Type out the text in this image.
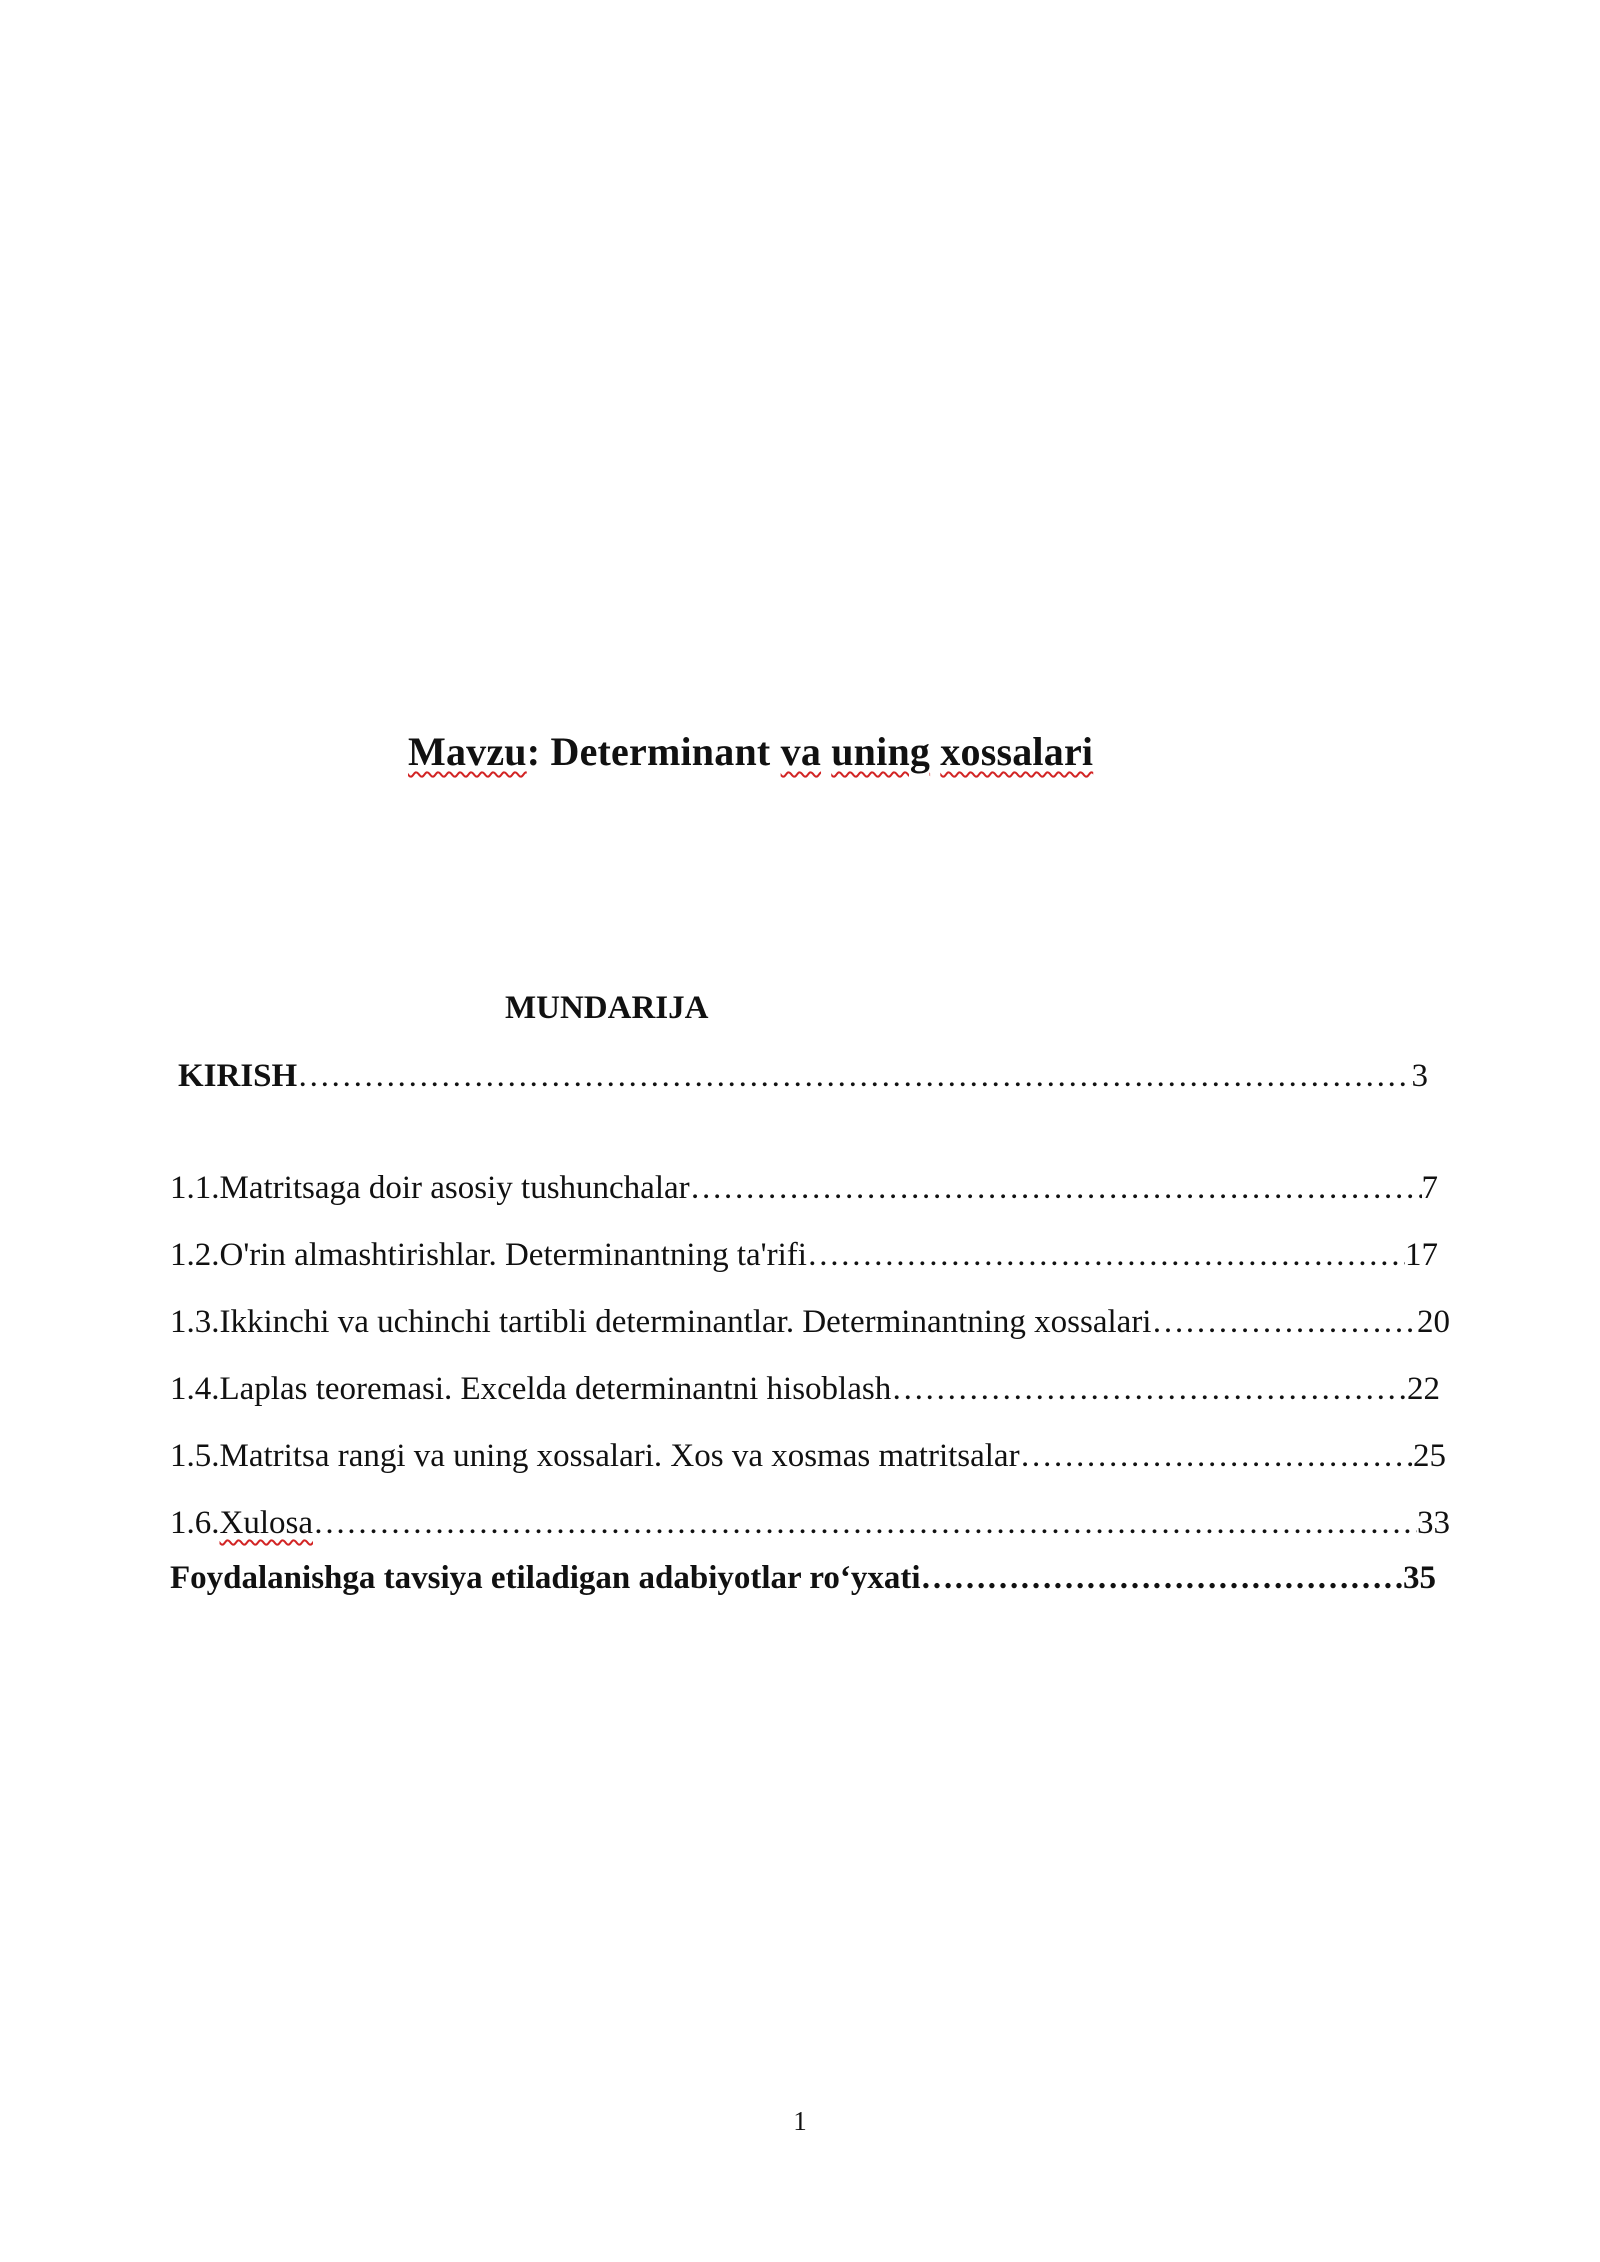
Mavzu: Determinant va uning xossalari
MUNDARIJA
KIRISH ……………………………………………………………………………………………………………………………………………………………………………	3
1.1. Matritsaga doir asosiy tushunchalar ……………………………………………………………………………………………………………………………………………………………………………	7
1.2. O'rin almashtirishlar. Determinantning ta'rifi ……………………………………………………………………………………………………………………………………………………………………………	17
1.3. Ikkinchi va uchinchi tartibli determinantlar. Determinantning xossalari ……………………………………………………………………………………………………………………………………………………………………………	20
1.4. Laplas teoremasi. Excelda determinantni hisoblash ……………………………………………………………………………………………………………………………………………………………………………	22
1.5. Matritsa rangi va uning xossalari. Xos va xosmas matritsalar ……………………………………………………………………………………………………………………………………………………………………………	25
1.6. Xulosa ……………………………………………………………………………………………………………………………………………………………………………	33
Foydalanishga tavsiya etiladigan adabiyotlar ro‘yxati ……………………………………………………………………………………………………………………………………………………………………………	35
1
